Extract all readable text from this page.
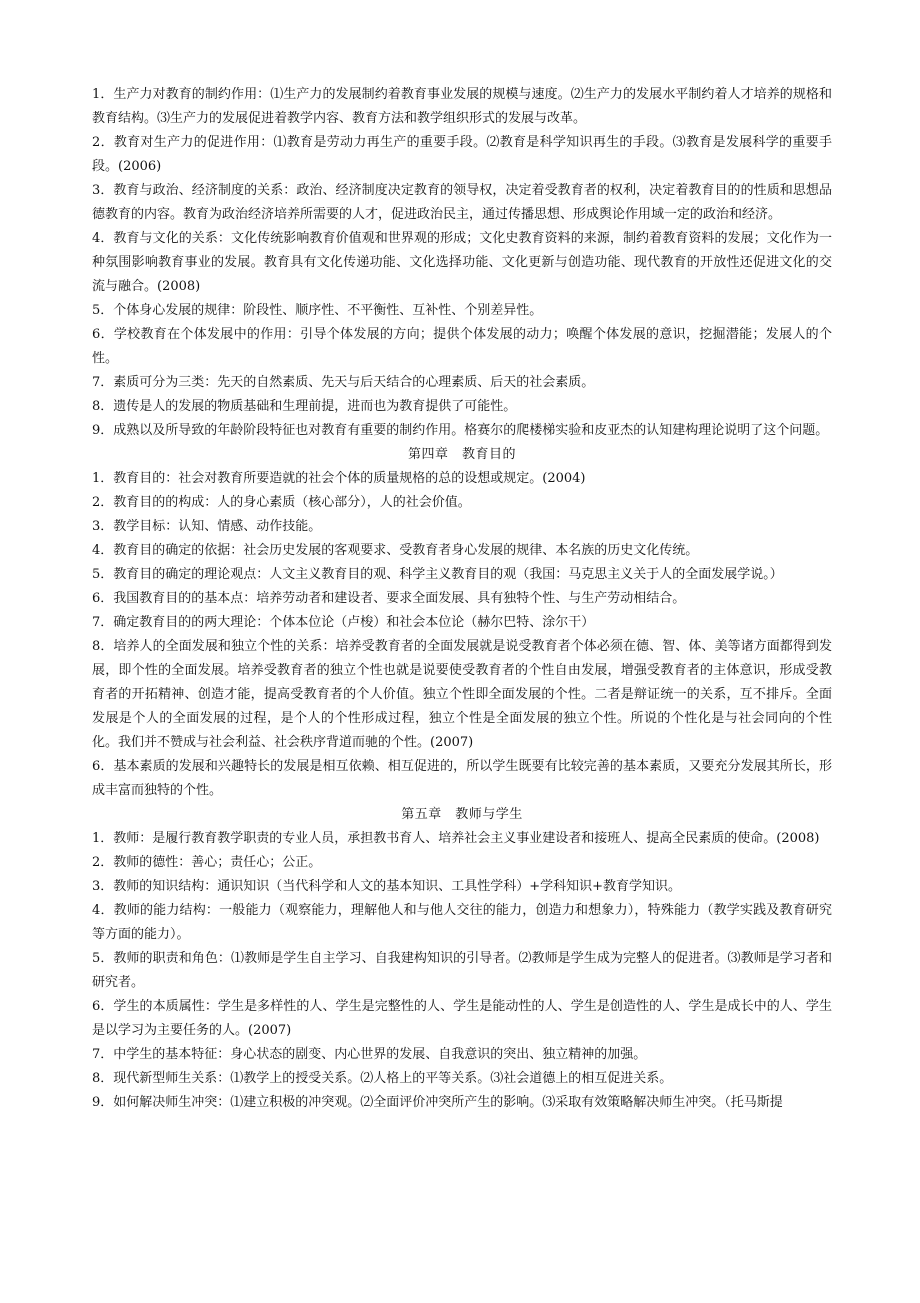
1．生产力对教育的制约作用：⑴生产力的发展制约着教育事业发展的规模与速度。⑵生产力的发展水平制约着人才培养的规格和教育结构。⑶生产力的发展促进着教学内容、教育方法和教学组织形式的发展与改革。

2．教育对生产力的促进作用：⑴教育是劳动力再生产的重要手段。⑵教育是科学知识再生的手段。⑶教育是发展科学的重要手段。(2006)

3．教育与政治、经济制度的关系：政治、经济制度决定教育的领导权，决定着受教育者的权利，决定着教育目的的性质和思想品德教育的内容。教育为政治经济培养所需要的人才，促进政治民主，通过传播思想、形成舆论作用域一定的政治和经济。

4．教育与文化的关系：文化传统影响教育价值观和世界观的形成；文化史教育资料的来源，制约着教育资料的发展；文化作为一种氛围影响教育事业的发展。教育具有文化传递功能、文化选择功能、文化更新与创造功能、现代教育的开放性还促进文化的交流与融合。(2008)

5．个体身心发展的规律：阶段性、顺序性、不平衡性、互补性、个别差异性。

6．学校教育在个体发展中的作用：引导个体发展的方向；提供个体发展的动力；唤醒个体发展的意识，挖掘潜能；发展人的个性。

7．素质可分为三类：先天的自然素质、先天与后天结合的心理素质、后天的社会素质。

8．遗传是人的发展的物质基础和生理前提，进而也为教育提供了可能性。

9．成熟以及所导致的年龄阶段特征也对教育有重要的制约作用。格赛尔的爬楼梯实验和皮亚杰的认知建构理论说明了这个问题。

第四章　教育目的

1．教育目的：社会对教育所要造就的社会个体的质量规格的总的设想或规定。(2004)

2．教育目的的构成：人的身心素质（核心部分），人的社会价值。

3．教学目标：认知、情感、动作技能。

4．教育目的确定的依据：社会历史发展的客观要求、受教育者身心发展的规律、本名族的历史文化传统。

5．教育目的确定的理论观点：人文主义教育目的观、科学主义教育目的观（我国：马克思主义关于人的全面发展学说。）

6．我国教育目的的基本点：培养劳动者和建设者、要求全面发展、具有独特个性、与生产劳动相结合。

7．确定教育目的的两大理论：个体本位论（卢梭）和社会本位论（赫尔巴特、涂尔干）

8．培养人的全面发展和独立个性的关系：培养受教育者的全面发展就是说受教育者个体必须在德、智、体、美等诸方面都得到发展，即个性的全面发展。培养受教育者的独立个性也就是说要使受教育者的个性自由发展，增强受教育者的主体意识，形成受教育者的开拓精神、创造才能，提高受教育者的个人价值。独立个性即全面发展的个性。二者是辩证统一的关系，互不排斥。全面发展是个人的全面发展的过程，是个人的个性形成过程，独立个性是全面发展的独立个性。所说的个性化是与社会同向的个性化。我们并不赞成与社会利益、社会秩序背道而驰的个性。(2007)

6．基本素质的发展和兴趣特长的发展是相互依赖、相互促进的，所以学生既要有比较完善的基本素质，又要充分发展其所长，形成丰富而独特的个性。

第五章　教师与学生

1．教师：是履行教育教学职责的专业人员，承担教书育人、培养社会主义事业建设者和接班人、提高全民素质的使命。(2008)

2．教师的德性：善心；责任心；公正。

3．教师的知识结构：通识知识（当代科学和人文的基本知识、工具性学科）+学科知识+教育学知识。

4．教师的能力结构：一般能力（观察能力，理解他人和与他人交往的能力，创造力和想象力），特殊能力（教学实践及教育研究等方面的能力）。

5．教师的职责和角色：⑴教师是学生自主学习、自我建构知识的引导者。⑵教师是学生成为完整人的促进者。⑶教师是学习者和研究者。

6．学生的本质属性：学生是多样性的人、学生是完整性的人、学生是能动性的人、学生是创造性的人、学生是成长中的人、学生是以学习为主要任务的人。(2007)

7．中学生的基本特征：身心状态的剧变、内心世界的发展、自我意识的突出、独立精神的加强。

8．现代新型师生关系：⑴教学上的授受关系。⑵人格上的平等关系。⑶社会道德上的相互促进关系。

9．如何解决师生冲突：⑴建立积极的冲突观。⑵全面评价冲突所产生的影响。⑶采取有效策略解决师生冲突。（托马斯提
